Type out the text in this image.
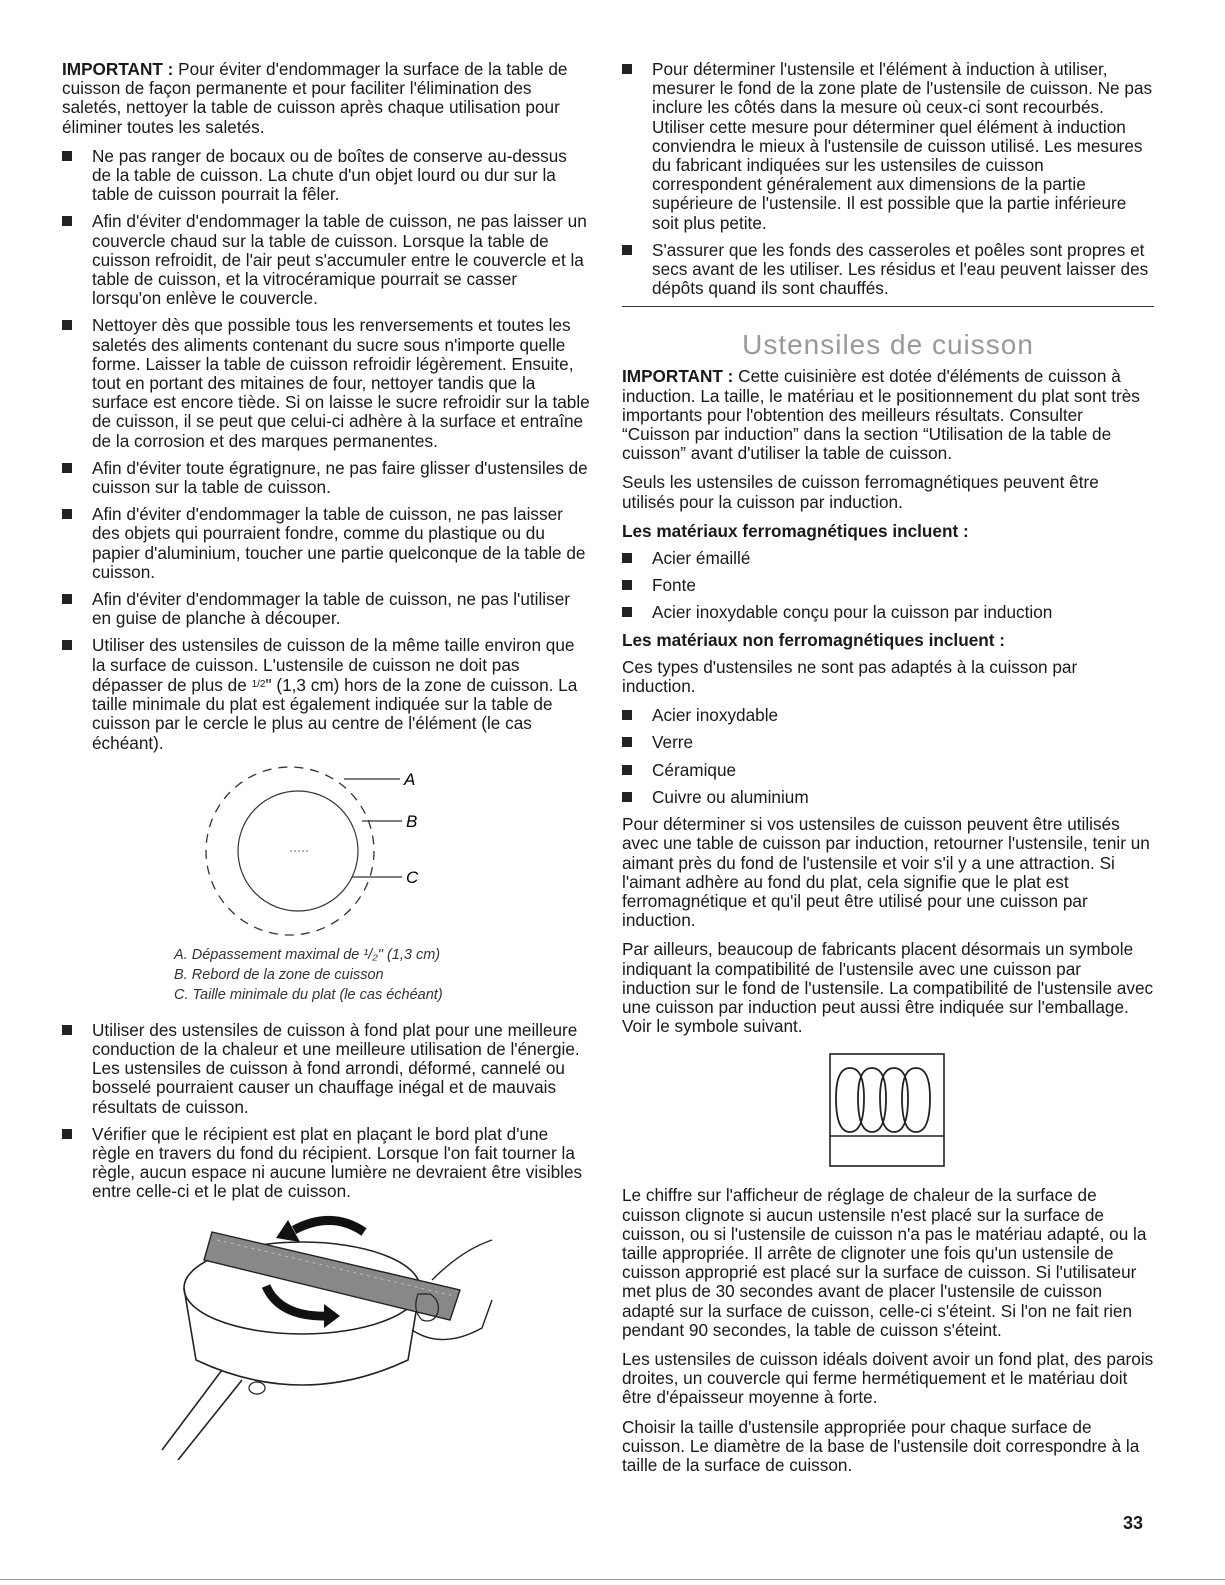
IMPORTANT : Pour éviter d'endommager la surface de la table de cuisson de façon permanente et pour faciliter l'élimination des saletés, nettoyer la table de cuisson après chaque utilisation pour éliminer toutes les saletés.

Ne pas ranger de bocaux ou de boîtes de conserve au-dessus de la table de cuisson. La chute d'un objet lourd ou dur sur la table de cuisson pourrait la fêler.
Afin d'éviter d'endommager la table de cuisson, ne pas laisser un couvercle chaud sur la table de cuisson. Lorsque la table de cuisson refroidit, de l'air peut s'accumuler entre le couvercle et la table de cuisson, et la vitrocéramique pourrait se casser lorsqu'on enlève le couvercle.
Nettoyer dès que possible tous les renversements et toutes les saletés des aliments contenant du sucre sous n'importe quelle forme. Laisser la table de cuisson refroidir légèrement. Ensuite, tout en portant des mitaines de four, nettoyer tandis que la surface est encore tiède. Si on laisse le sucre refroidir sur la table de cuisson, il se peut que celui-ci adhère à la surface et entraîne de la corrosion et des marques permanentes.
Afin d'éviter toute égratignure, ne pas faire glisser d'ustensiles de cuisson sur la table de cuisson.
Afin d'éviter d'endommager la table de cuisson, ne pas laisser des objets qui pourraient fondre, comme du plastique ou du papier d'aluminium, toucher une partie quelconque de la table de cuisson.
Afin d'éviter d'endommager la table de cuisson, ne pas l'utiliser en guise de planche à découper.
Utiliser des ustensiles de cuisson de la même taille environ que la surface de cuisson. L'ustensile de cuisson ne doit pas dépasser de plus de $^{1/2}$" (1,3 cm) hors de la zone de cuisson. La taille minimale du plat est également indiquée sur la table de cuisson par le cercle le plus au centre de l'élément (le cas échéant).
A
B
C
A. Dépassement maximal de ¹/₂" (1,3 cm)
B. Rebord de la zone de cuisson
C. Taille minimale du plat (le cas échéant)
Utiliser des ustensiles de cuisson à fond plat pour une meilleure conduction de la chaleur et une meilleure utilisation de l'énergie. Les ustensiles de cuisson à fond arrondi, déformé, cannelé ou bosselé pourraient causer un chauffage inégal et de mauvais résultats de cuisson.
Vérifier que le récipient est plat en plaçant le bord plat d'une règle en travers du fond du récipient. Lorsque l'on fait tourner la règle, aucun espace ni aucune lumière ne devraient être visibles entre celle-ci et le plat de cuisson.
Pour déterminer l'ustensile et l'élément à induction à utiliser, mesurer le fond de la zone plate de l'ustensile de cuisson. Ne pas inclure les côtés dans la mesure où ceux-ci sont recourbés. Utiliser cette mesure pour déterminer quel élément à induction conviendra le mieux à l'ustensile de cuisson utilisé. Les mesures du fabricant indiquées sur les ustensiles de cuisson correspondent généralement aux dimensions de la partie supérieure de l'ustensile. Il est possible que la partie inférieure soit plus petite.
S'assurer que les fonds des casseroles et poêles sont propres et secs avant de les utiliser. Les résidus et l'eau peuvent laisser des dépôts quand ils sont chauffés.
Ustensiles de cuisson

IMPORTANT : Cette cuisinière est dotée d'éléments de cuisson à induction. La taille, le matériau et le positionnement du plat sont très importants pour l'obtention des meilleurs résultats. Consulter “Cuisson par induction” dans la section “Utilisation de la table de cuisson” avant d'utiliser la table de cuisson.

Seuls les ustensiles de cuisson ferromagnétiques peuvent être utilisés pour la cuisson par induction.

Les matériaux ferromagnétiques incluent :
Acier émaillé
Fonte
Acier inoxydable conçu pour la cuisson par induction
Les matériaux non ferromagnétiques incluent :

Ces types d'ustensiles ne sont pas adaptés à la cuisson par induction.

Acier inoxydable
Verre
Céramique
Cuivre ou aluminium

Pour déterminer si vos ustensiles de cuisson peuvent être utilisés avec une table de cuisson par induction, retourner l'ustensile, tenir un aimant près du fond de l'ustensile et voir s'il y a une attraction. Si l'aimant adhère au fond du plat, cela signifie que le plat est ferromagnétique et qu'il peut être utilisé pour une cuisson par induction.

Par ailleurs, beaucoup de fabricants placent désormais un symbole indiquant la compatibilité de l'ustensile avec une cuisson par induction sur le fond de l'ustensile. La compatibilité de l'ustensile avec une cuisson par induction peut aussi être indiquée sur l'emballage. Voir le symbole suivant.

Le chiffre sur l'afficheur de réglage de chaleur de la surface de cuisson clignote si aucun ustensile n'est placé sur la surface de cuisson, ou si l'ustensile de cuisson n'a pas le matériau adapté, ou la taille appropriée. Il arrête de clignoter une fois qu'un ustensile de cuisson approprié est placé sur la surface de cuisson. Si l'utilisateur met plus de 30 secondes avant de placer l'ustensile de cuisson adapté sur la surface de cuisson, celle-ci s'éteint. Si l'on ne fait rien pendant 90 secondes, la table de cuisson s'éteint.

Les ustensiles de cuisson idéals doivent avoir un fond plat, des parois droites, un couvercle qui ferme hermétiquement et le matériau doit être d'épaisseur moyenne à forte.

Choisir la taille d'ustensile appropriée pour chaque surface de cuisson. Le diamètre de la base de l'ustensile doit correspondre à la taille de la surface de cuisson.

33
